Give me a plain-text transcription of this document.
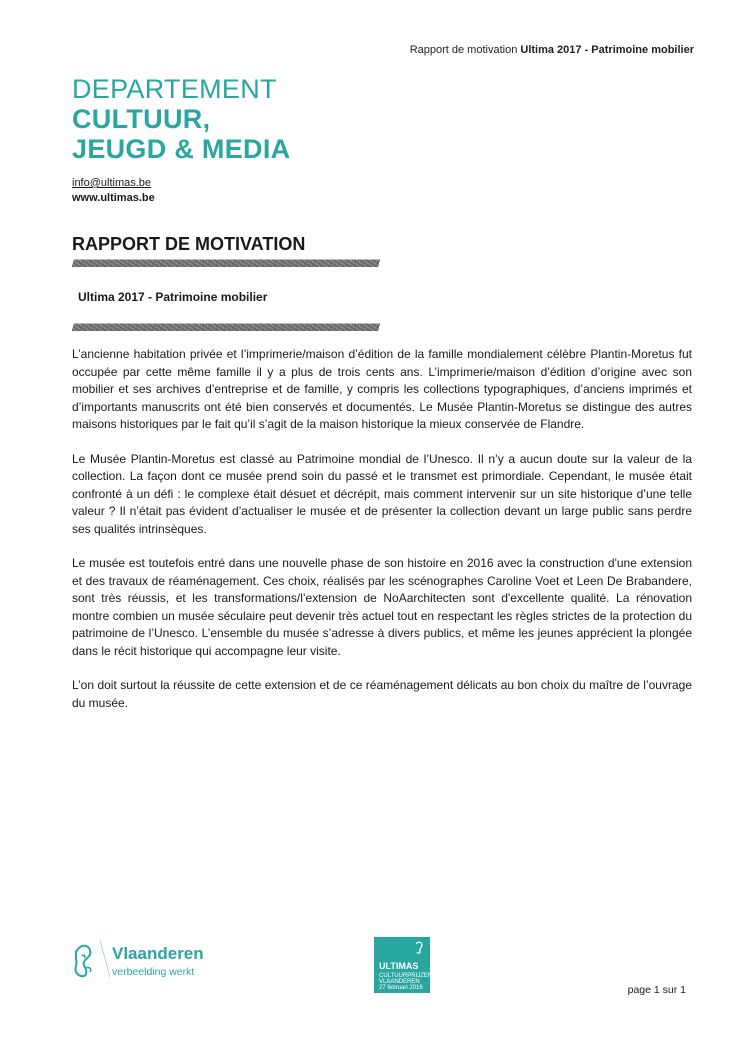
Rapport de motivation Ultima 2017 - Patrimoine mobilier
DEPARTEMENT
CULTUUR,
JEUGD & MEDIA
info@ultimas.be
www.ultimas.be
RAPPORT DE MOTIVATION
////////////////////////////////////////////////////////////////////////////////////////////////////////////////////////////////////////////////////////////////////////////////////////////////////////////////////////////////////////////////////////////////////
Ultima 2017 - Patrimoine mobilier
////////////////////////////////////////////////////////////////////////////////////////////////////////////////////////////////////////////////////////////////////////////////////////////////////////////////////////////////////////////////////////////////////

L’ancienne habitation privée et l’imprimerie/maison d’édition de la famille mondialement célèbre Plantin-Moretus fut occupée par cette même famille il y a plus de trois cents ans. L’imprimerie/maison d’édition d’origine avec son mobilier et ses archives d’entreprise et de famille, y compris les collections typographiques, d’anciens imprimés et d’importants manuscrits ont été bien conservés et documentés. Le Musée Plantin-Moretus se distingue des autres maisons historiques par le fait qu’il s’agit de la maison historique la mieux conservée de Flandre.

Le Musée Plantin-Moretus est classé au Patrimoine mondial de l’Unesco. Il n’y a aucun doute sur la valeur de la collection. La façon dont ce musée prend soin du passé et le transmet est primordiale. Cependant, le musée était confronté à un défi : le complexe était désuet et décrépit, mais comment intervenir sur un site historique d’une telle valeur ? Il n’était pas évident d’actualiser le musée et de présenter la collection devant un large public sans perdre ses qualités intrinsèques.

Le musée est toutefois entré dans une nouvelle phase de son histoire en 2016 avec la construction d'une extension et des travaux de réaménagement. Ces choix, réalisés par les scénographes Caroline Voet et Leen De Brabandere, sont très réussis, et les transformations/l’extension de NoAarchitecten sont d'excellente qualité. La rénovation montre combien un musée séculaire peut devenir très actuel tout en respectant les règles strictes de la protection du patrimoine de l’Unesco. L’ensemble du musée s’adresse à divers publics, et même les jeunes apprécient la plongée dans le récit historique qui accompagne leur visite.

L’on doit surtout la réussite de cette extension et de ce réaménagement délicats au bon choix du maître de l’ouvrage du musée.

Vlaanderen
verbeelding werkt	ULTIMAS
CULTUURPRIJZEN
VLAANDEREN
27 februari 2016	page 1 sur 1
